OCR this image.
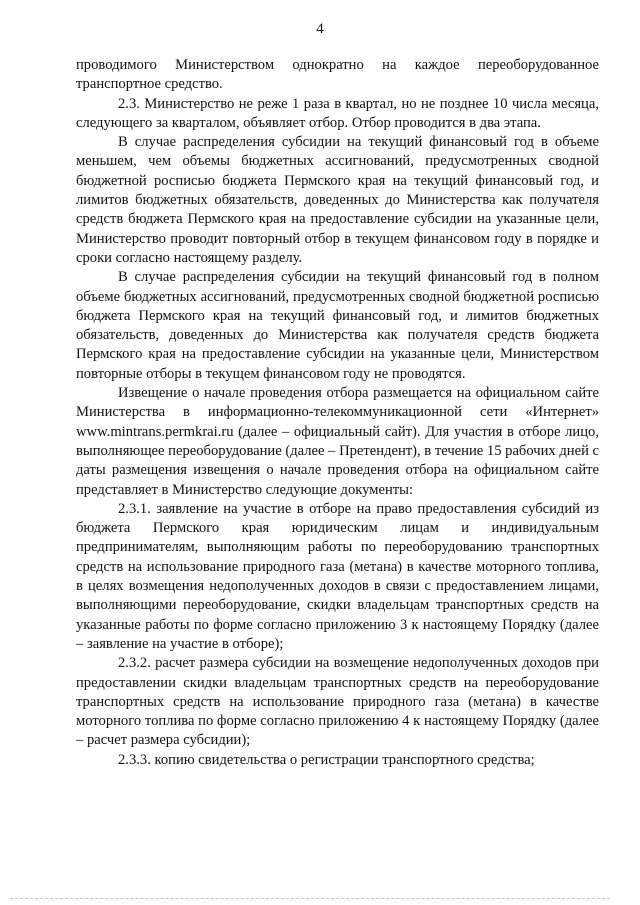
4

проводимого Министерством однократно на каждое переоборудованное транспортное средство.

2.3. Министерство не реже 1 раза в квартал, но не позднее 10 числа месяца, следующего за кварталом, объявляет отбор. Отбор проводится в два этапа.

В случае распределения субсидии на текущий финансовый год в объеме меньшем, чем объемы бюджетных ассигнований, предусмотренных сводной бюджетной росписью бюджета Пермского края на текущий финансовый год, и лимитов бюджетных обязательств, доведенных до Министерства как получателя средств бюджета Пермского края на предоставление субсидии на указанные цели, Министерство проводит повторный отбор в текущем финансовом году в порядке и сроки согласно настоящему разделу.

В случае распределения субсидии на текущий финансовый год в полном объеме бюджетных ассигнований, предусмотренных сводной бюджетной росписью бюджета Пермского края на текущий финансовый год, и лимитов бюджетных обязательств, доведенных до Министерства как получателя средств бюджета Пермского края на предоставление субсидии на указанные цели, Министерством повторные отборы в текущем финансовом году не проводятся.

Извещение о начале проведения отбора размещается на официальном сайте Министерства в информационно-телекоммуникационной сети «Интернет» www.mintrans.permkrai.ru (далее – официальный сайт). Для участия в отборе лицо, выполняющее переоборудование (далее – Претендент), в течение 15 рабочих дней с даты размещения извещения о начале проведения отбора на официальном сайте представляет в Министерство следующие документы:

2.3.1. заявление на участие в отборе на право предоставления субсидий из бюджета Пермского края юридическим лицам и индивидуальным предпринимателям, выполняющим работы по переоборудованию транспортных средств на использование природного газа (метана) в качестве моторного топлива, в целях возмещения недополученных доходов в связи с предоставлением лицами, выполняющими переоборудование, скидки владельцам транспортных средств на указанные работы по форме согласно приложению 3 к настоящему Порядку (далее – заявление на участие в отборе);

2.3.2. расчет размера субсидии на возмещение недополученных доходов при предоставлении скидки владельцам транспортных средств на переоборудование транспортных средств на использование природного газа (метана) в качестве моторного топлива по форме согласно приложению 4 к настоящему Порядку (далее – расчет размера субсидии);

2.3.3. копию свидетельства о регистрации транспортного средства;
